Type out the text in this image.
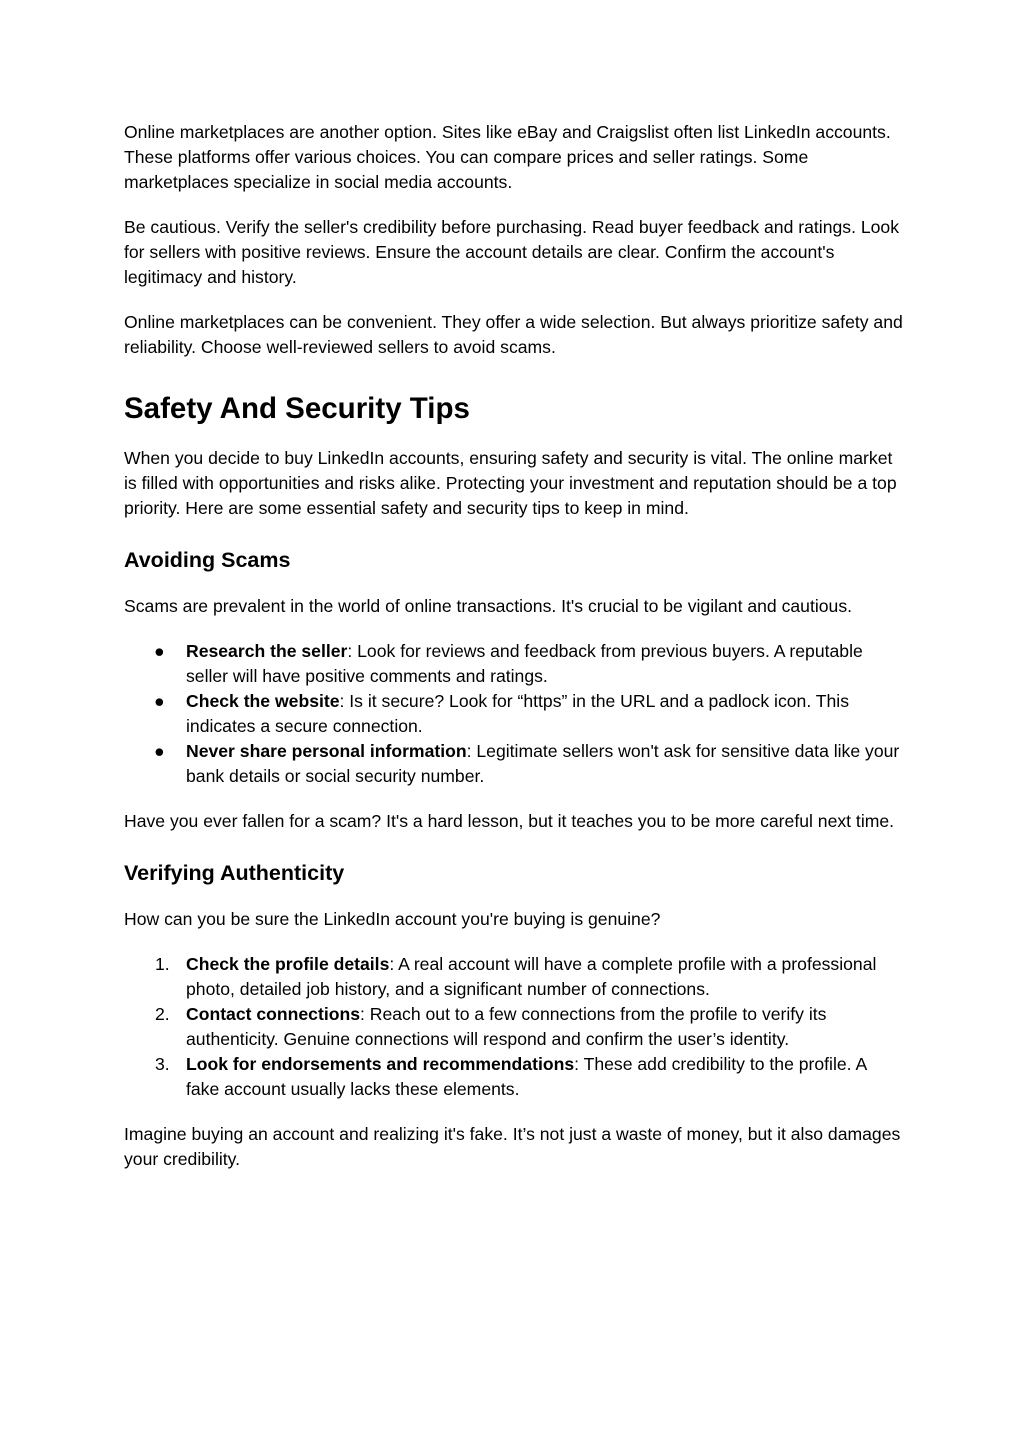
Online marketplaces are another option. Sites like eBay and Craigslist often list LinkedIn accounts. These platforms offer various choices. You can compare prices and seller ratings. Some marketplaces specialize in social media accounts.

Be cautious. Verify the seller's credibility before purchasing. Read buyer feedback and ratings. Look for sellers with positive reviews. Ensure the account details are clear. Confirm the account's legitimacy and history.

Online marketplaces can be convenient. They offer a wide selection. But always prioritize safety and reliability. Choose well-reviewed sellers to avoid scams.

Safety And Security Tips

When you decide to buy LinkedIn accounts, ensuring safety and security is vital. The online market is filled with opportunities and risks alike. Protecting your investment and reputation should be a top priority. Here are some essential safety and security tips to keep in mind.

Avoiding Scams

Scams are prevalent in the world of online transactions. It's crucial to be vigilant and cautious.

● Research the seller: Look for reviews and feedback from previous buyers. A reputable seller will have positive comments and ratings.
● Check the website: Is it secure? Look for “https” in the URL and a padlock icon. This indicates a secure connection.
● Never share personal information: Legitimate sellers won't ask for sensitive data like your bank details or social security number.

Have you ever fallen for a scam? It's a hard lesson, but it teaches you to be more careful next time.

Verifying Authenticity

How can you be sure the LinkedIn account you're buying is genuine?

1. Check the profile details: A real account will have a complete profile with a professional photo, detailed job history, and a significant number of connections.
2. Contact connections: Reach out to a few connections from the profile to verify its authenticity. Genuine connections will respond and confirm the user’s identity.
3. Look for endorsements and recommendations: These add credibility to the profile. A fake account usually lacks these elements.

Imagine buying an account and realizing it's fake. It’s not just a waste of money, but it also damages your credibility.
